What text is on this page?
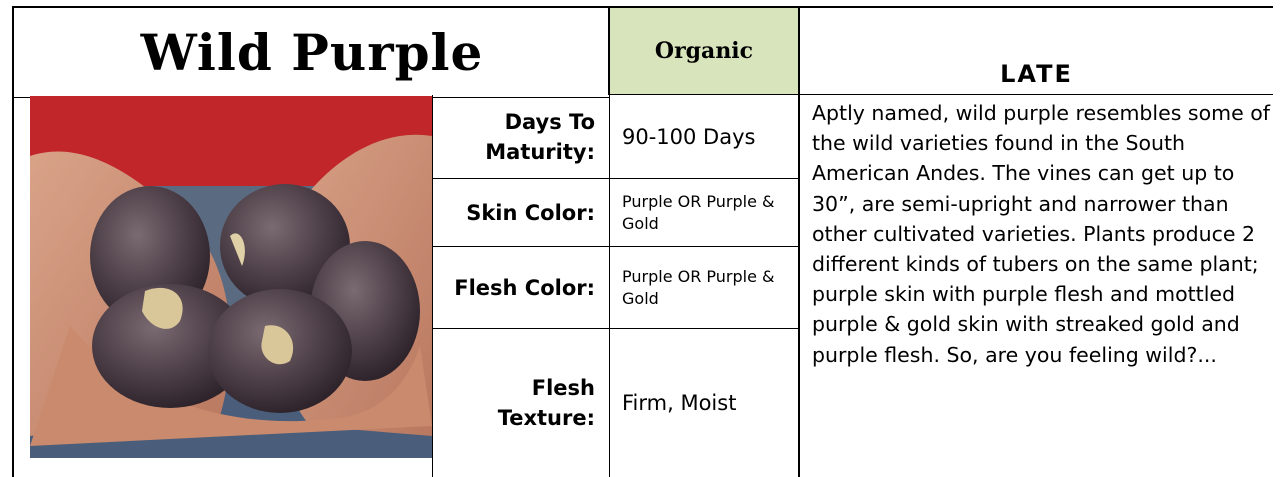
Wild Purple	Organic
LATE
Days To Maturity:
90-100 Days
Skin Color:	Purple OR Purple & Gold
Flesh Color:	Purple OR Purple & Gold
Flesh Texture:
Firm, Moist
Aptly named, wild purple resembles some of the wild varieties found in the South American Andes. The vines can get up to 30”, are semi-upright and narrower than other cultivated varieties. Plants produce 2 different kinds of tubers on the same plant; purple skin with purple flesh and mottled purple & gold skin with streaked gold and purple flesh. So, are you feeling wild?...
